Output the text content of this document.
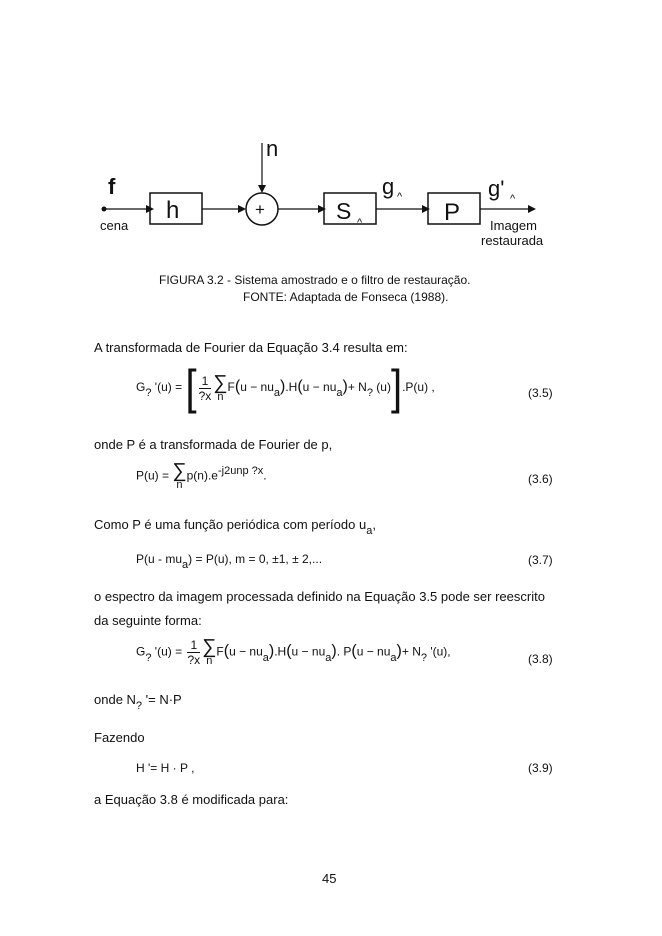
f
cena
h	+
n
S ^
g ^
P
g' ^
Imagem
restaurada
FIGURA 3.2 - Sistema amostrado e o filtro de restauração.
FONTE: Adaptada de Fonseca (1988).
A transformada de Fourier da Equação 3.4 resulta em:
G? '(u) = [ $\frac{1}{?x}$ ∑
n
F(u − nua).H(u − nua)+ N? (u)].P(u) ,	(3.5)
onde P é a transformada de Fourier de p,
P(u) = ∑
n
p(n).e-j2unp ?x.	(3.6)
Como P é uma função periódica com período $u_a$,
P(u - mua) = P(u), m = 0, ±1, ± 2,...	(3.7)
o espectro da imagem processada definido na Equação 3.5 pode ser reescrito
da seguinte forma:
G? '$(u) = \frac{1}{?x}$ ∑
n
F(u − nua).H(u − nua). P(u − nua)+ N? '(u),
(3.8)
onde $N_?$ '= N·P
Fazendo
H '= H · P ,	(3.9)
a Equação 3.8 é modificada para:
45
